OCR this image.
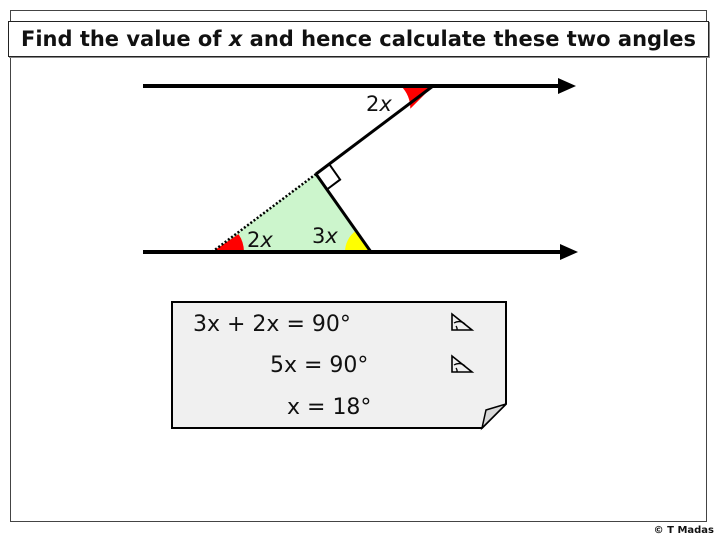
Find the value of x and hence calculate these two angles
2x
2x 3x
3x + 2x = 90°
5x = 90°
x = 18°
© T Madas
